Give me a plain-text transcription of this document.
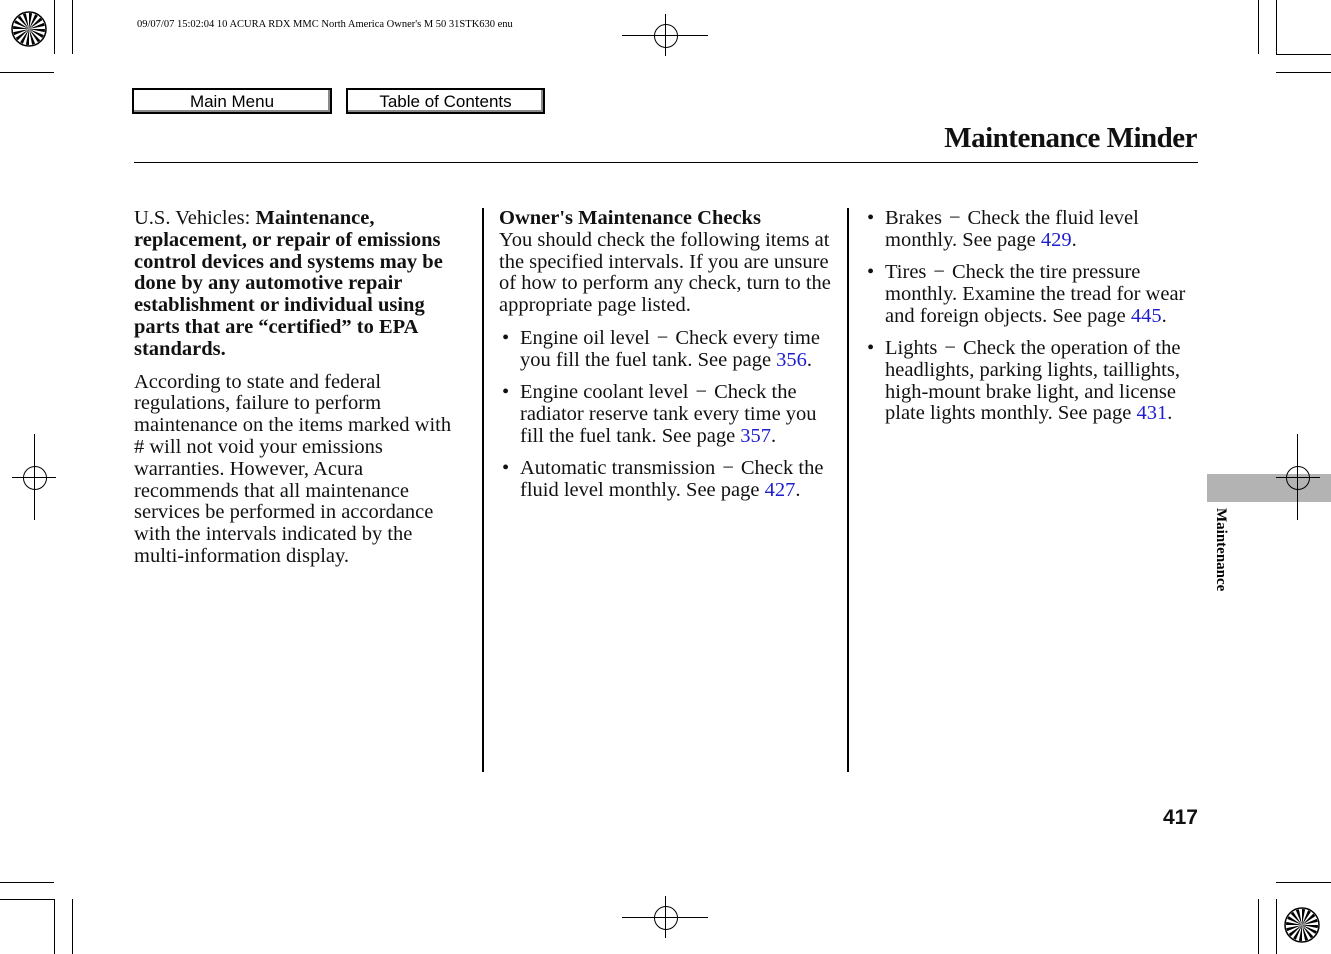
09/07/07 15:02:04 10 ACURA RDX MMC North America Owner's M 50 31STK630 enu
Main Menu	Table of Contents
Maintenance Minder

U.S. Vehicles: Maintenance, replacement, or repair of emissions control devices and systems may be done by any automotive repair establishment or individual using parts that are “certified” to EPA standards.

According to state and federal regulations, failure to perform maintenance on the items marked with # will not void your emissions warranties. However, Acura recommends that all maintenance services be performed in accordance with the intervals indicated by the multi-information display.

Owner's Maintenance Checks

You should check the following items at the specified intervals. If you are unsure of how to perform any check, turn to the appropriate page listed.

• Engine oil level − Check every time you fill the fuel tank. See page 356.
• Engine coolant level − Check the radiator reserve tank every time you fill the fuel tank. See page 357.
• Automatic transmission − Check the fluid level monthly. See page 427.
• Brakes − Check the fluid level monthly. See page 429.
• Tires − Check the tire pressure monthly. Examine the tread for wear and foreign objects. See page 445.
• Lights − Check the operation of the headlights, parking lights, taillights, high-mount brake light, and license plate lights monthly. See page 431.
Maintenance
417
